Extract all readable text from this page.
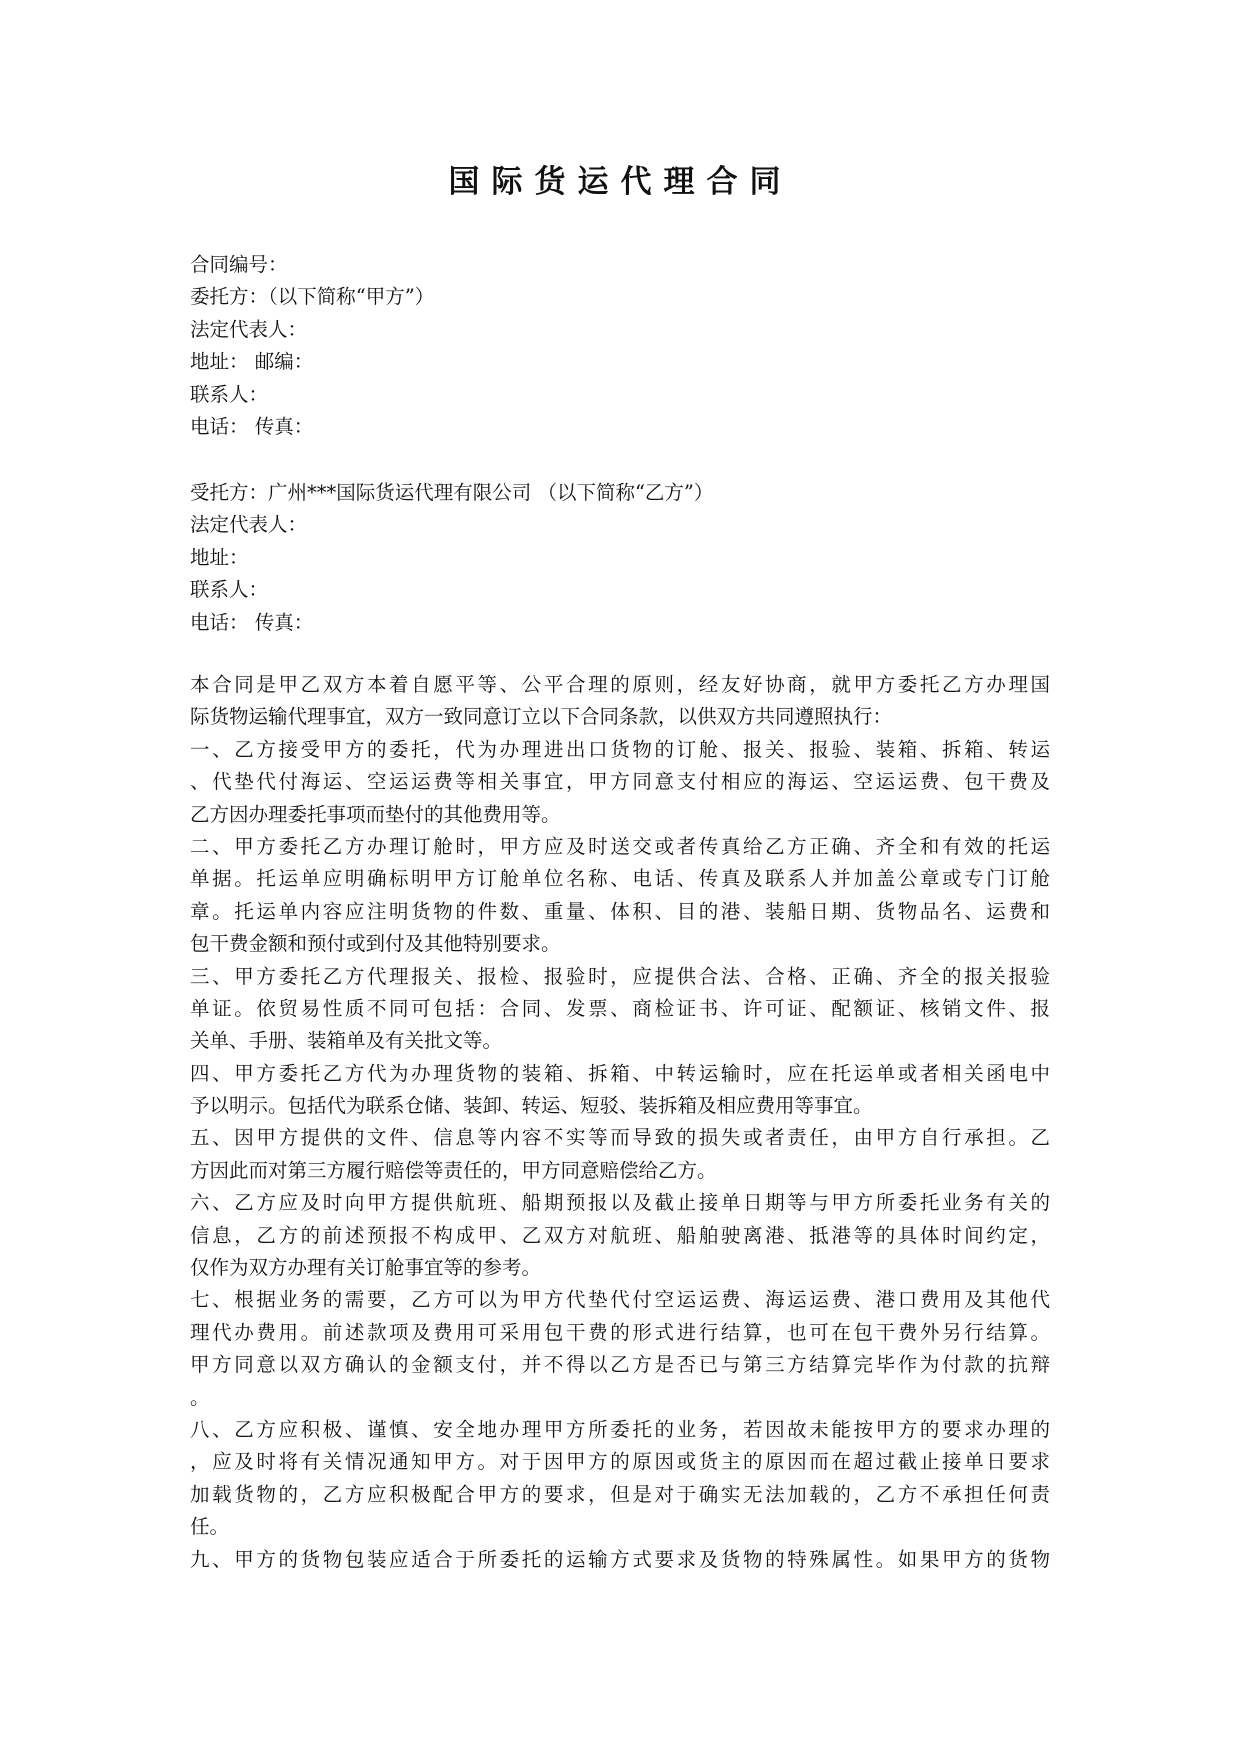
国际货运代理合同
合同编号：
委托方：（以下简称“甲方”）
法定代表人：
地址： 邮编：
联系人：
电话： 传真：
受托方：广州***国际货运代理有限公司 （以下简称“乙方”）
法定代表人：
地址：
联系人：
电话： 传真：
本合同是甲乙双方本着自愿平等、公平合理的原则，经友好协商，就甲方委托乙方办理国
际货物运输代理事宜，双方一致同意订立以下合同条款，以供双方共同遵照执行：
一、乙方接受甲方的委托，代为办理进出口货物的订舱、报关、报验、装箱、拆箱、转运
、代垫代付海运、空运运费等相关事宜，甲方同意支付相应的海运、空运运费、包干费及
乙方因办理委托事项而垫付的其他费用等。
二、甲方委托乙方办理订舱时，甲方应及时送交或者传真给乙方正确、齐全和有效的托运
单据。托运单应明确标明甲方订舱单位名称、电话、传真及联系人并加盖公章或专门订舱
章。托运单内容应注明货物的件数、重量、体积、目的港、装船日期、货物品名、运费和
包干费金额和预付或到付及其他特别要求。
三、甲方委托乙方代理报关、报检、报验时，应提供合法、合格、正确、齐全的报关报验
单证。依贸易性质不同可包括：合同、发票、商检证书、许可证、配额证、核销文件、报
关单、手册、装箱单及有关批文等。
四、甲方委托乙方代为办理货物的装箱、拆箱、中转运输时，应在托运单或者相关函电中
予以明示。包括代为联系仓储、装卸、转运、短驳、装拆箱及相应费用等事宜。
五、因甲方提供的文件、信息等内容不实等而导致的损失或者责任，由甲方自行承担。乙
方因此而对第三方履行赔偿等责任的，甲方同意赔偿给乙方。
六、乙方应及时向甲方提供航班、船期预报以及截止接单日期等与甲方所委托业务有关的
信息，乙方的前述预报不构成甲、乙双方对航班、船舶驶离港、抵港等的具体时间约定，
仅作为双方办理有关订舱事宜等的参考。
七、根据业务的需要，乙方可以为甲方代垫代付空运运费、海运运费、港口费用及其他代
理代办费用。前述款项及费用可采用包干费的形式进行结算，也可在包干费外另行结算。
甲方同意以双方确认的金额支付，并不得以乙方是否已与第三方结算完毕作为付款的抗辩
。
八、乙方应积极、谨慎、安全地办理甲方所委托的业务，若因故未能按甲方的要求办理的
，应及时将有关情况通知甲方。对于因甲方的原因或货主的原因而在超过截止接单日要求
加载货物的，乙方应积极配合甲方的要求，但是对于确实无法加载的，乙方不承担任何责
任。
九、甲方的货物包装应适合于所委托的运输方式要求及货物的特殊属性。如果甲方的货物
